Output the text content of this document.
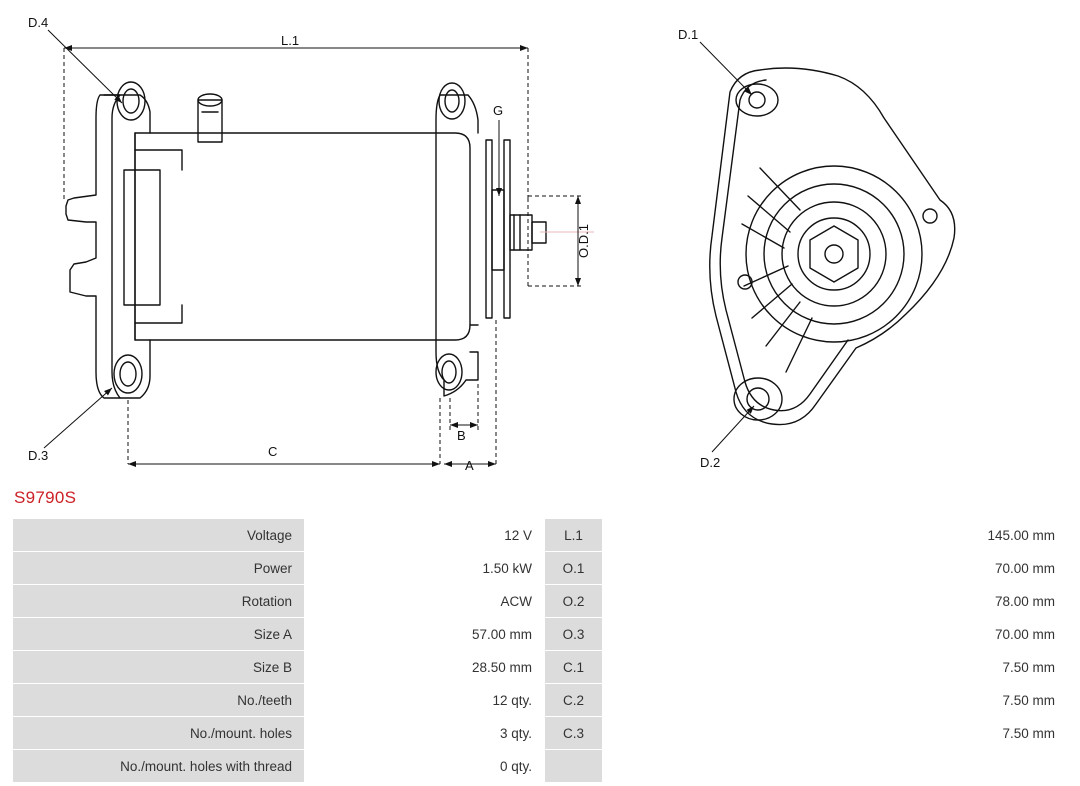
D.4
D.3
L.1
G
O.D.1
C
B
A
D.1
D.2
S9790S
Voltage	12 V	L.1	145.00 mm
Power	1.50 kW	O.1	70.00 mm
Rotation	ACW	O.2	78.00 mm
Size A	57.00 mm	O.3	70.00 mm
Size B	28.50 mm	C.1	7.50 mm
No./teeth	12 qty.	C.2	7.50 mm
No./mount. holes	3 qty.	C.3	7.50 mm
No./mount. holes with thread	0 qty.		
